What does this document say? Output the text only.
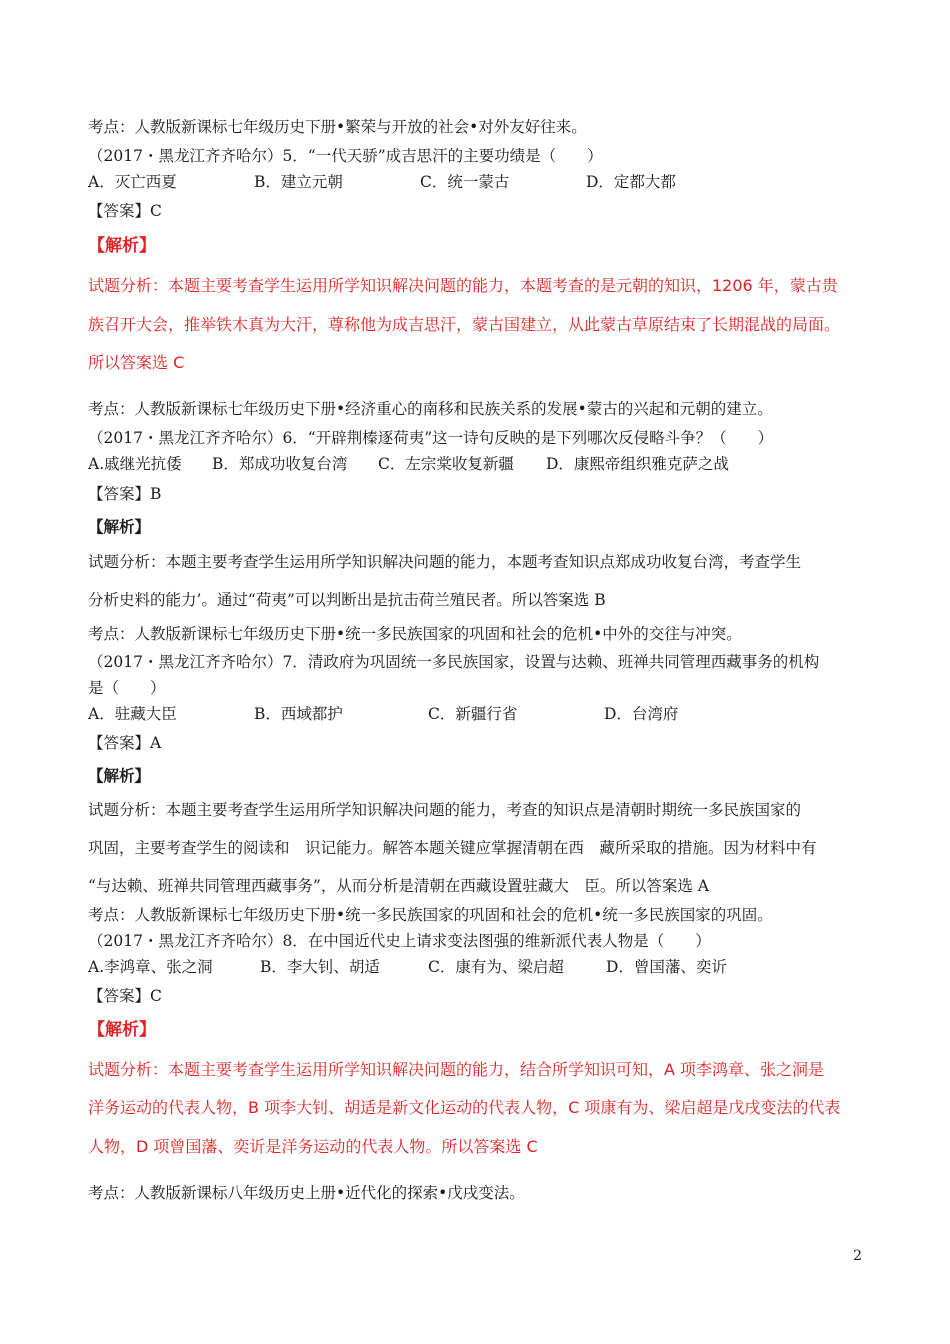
考点：人教版新课标七年级历史下册•繁荣与开放的社会•对外友好往来。

（2017・黑龙江齐齐哈尔）5．“一代天骄”成吉思汗的主要功绩是（　　）

A．灭亡西夏	B．建立元朝	C．统一蒙古	D．定都大都

【答案】C

【解析】

试题分析：本题主要考查学生运用所学知识解决问题的能力，本题考查的是元朝的知识，1206 年，蒙古贵

族召开大会，推举铁木真为大汗，尊称他为成吉思汗，蒙古国建立，从此蒙古草原结束了长期混战的局面。

所以答案选 C

考点：人教版新课标七年级历史下册•经济重心的南移和民族关系的发展•蒙古的兴起和元朝的建立。

（2017・黑龙江齐齐哈尔）6．“开辟荆榛逐荷夷”这一诗句反映的是下列哪次反侵略斗争？（　　）

A.戚继光抗倭 B．郑成功收复台湾 C．左宗棠收复新疆 D．康熙帝组织雅克萨之战

【答案】B

【解析】

试题分析：本题主要考查学生运用所学知识解决问题的能力，本题考查知识点郑成功收复台湾，考查学生

分析史料的能力’。通过“荷夷”可以判断出是抗击荷兰殖民者。所以答案选 B

考点：人教版新课标七年级历史下册•统一多民族国家的巩固和社会的危机•中外的交往与冲突。

（2017・黑龙江齐齐哈尔）7．清政府为巩固统一多民族国家，设置与达赖、班禅共同管理西藏事务的机构

是（　　）

A．驻藏大臣	B．西域都护	C．新疆行省	D．台湾府

【答案】A

【解析】

试题分析：本题主要考查学生运用所学知识解决问题的能力，考查的知识点是清朝时期统一多民族国家的

巩固，主要考查学生的阅读和　识记能力。解答本题关键应掌握清朝在西　藏所采取的措施。因为材料中有

“与达赖、班禅共同管理西藏事务”，从而分析是清朝在西藏设置驻藏大　臣。所以答案选 A

考点：人教版新课标七年级历史下册•统一多民族国家的巩固和社会的危机•统一多民族国家的巩固。

（2017・黑龙江齐齐哈尔）8．在中国近代史上请求变法图强的维新派代表人物是（　　）

A.李鸿章、张之洞	B．李大钊、胡适	C．康有为、梁启超	D．曾国藩、奕䜣

【答案】C

【解析】

试题分析：本题主要考查学生运用所学知识解决问题的能力，结合所学知识可知，A 项李鸿章、张之洞是

洋务运动的代表人物，B 项李大钊、胡适是新文化运动的代表人物，C 项康有为、梁启超是戊戌变法的代表

人物，D 项曾国藩、奕䜣是洋务运动的代表人物。所以答案选 C

考点：人教版新课标八年级历史上册•近代化的探索•戊戌变法。

2
